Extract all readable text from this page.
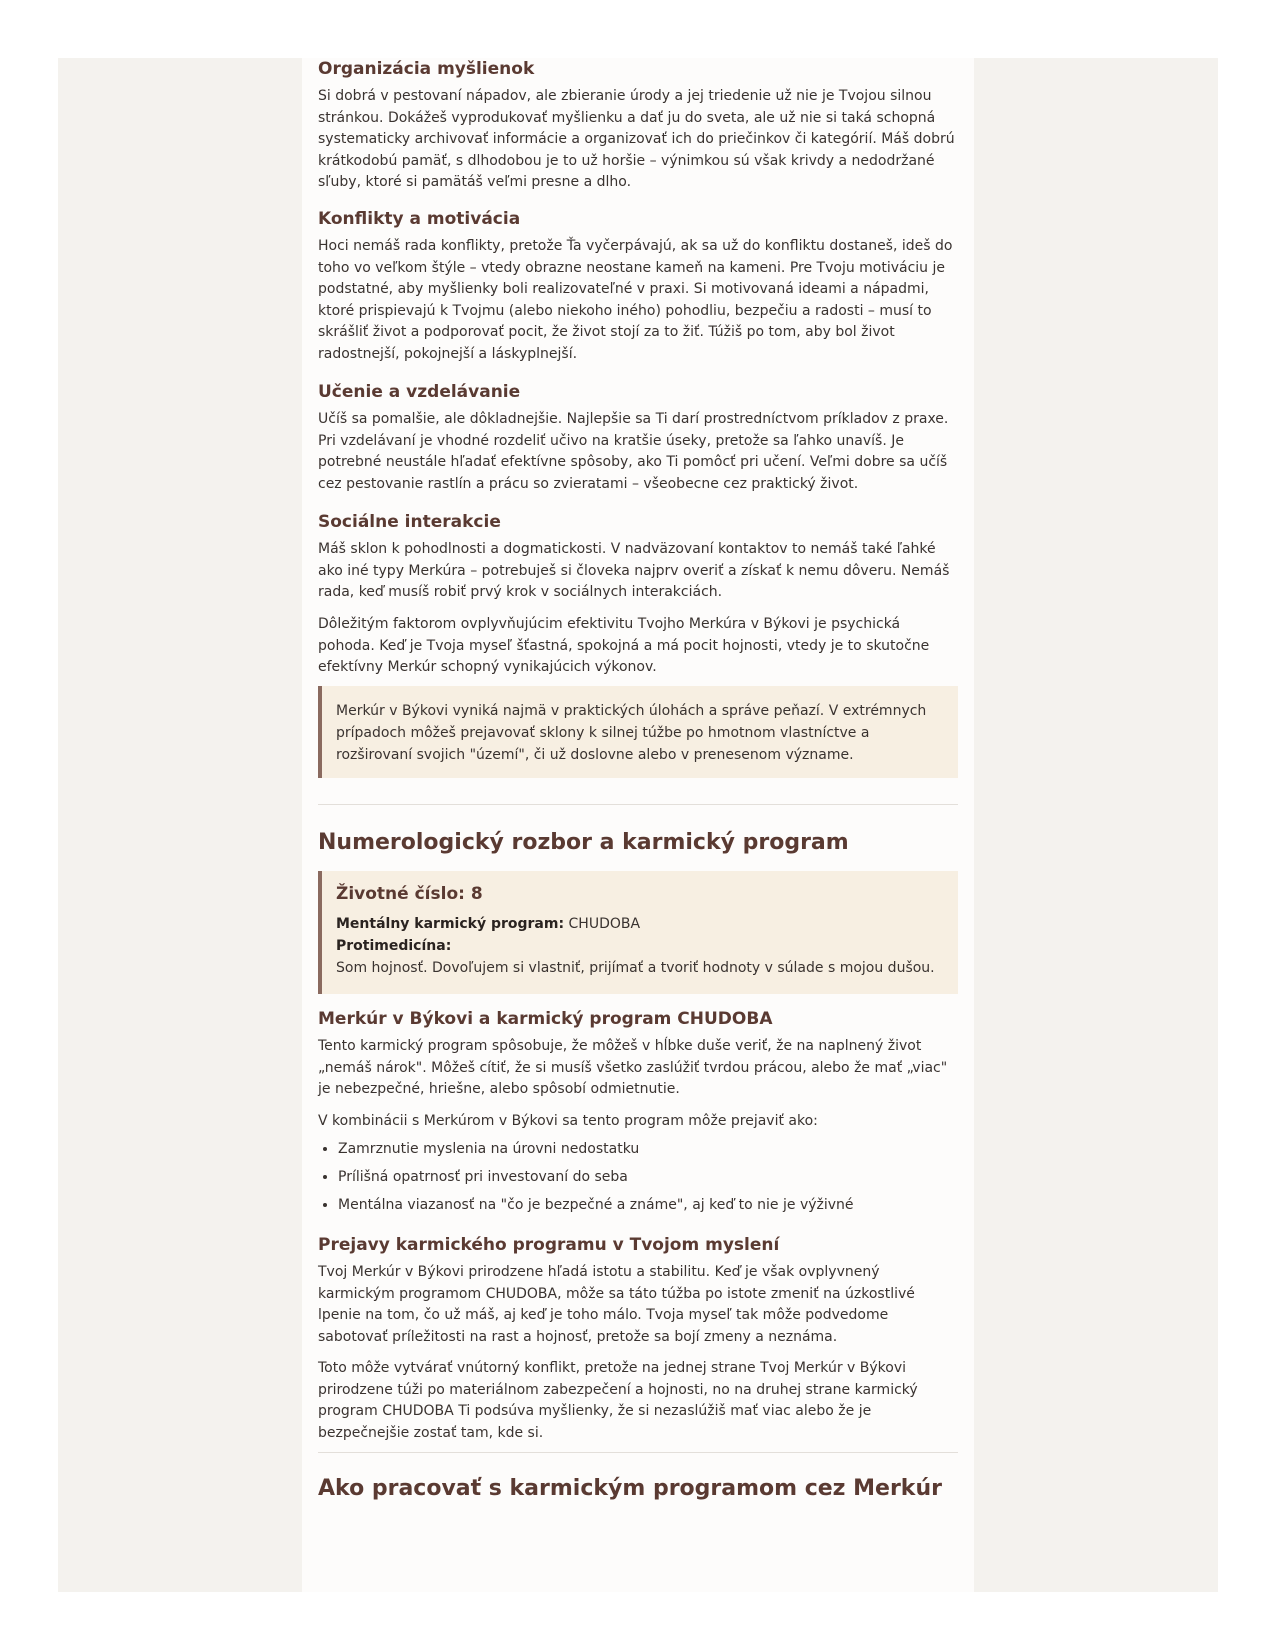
Organizácia myšlienok

Si dobrá v pestovaní nápadov, ale zbieranie úrody a jej triedenie už nie je Tvojou silnou stránkou. Dokážeš vyprodukovať myšlienku a dať ju do sveta, ale už nie si taká schopná systematicky archivovať informácie a organizovať ich do priečinkov či kategórií. Máš dobrú krátkodobú pamäť, s dlhodobou je to už horšie – výnimkou sú však krivdy a nedodržané sľuby, ktoré si pamätáš veľmi presne a dlho.

Konflikty a motivácia

Hoci nemáš rada konflikty, pretože Ťa vyčerpávajú, ak sa už do konfliktu dostaneš, ideš do toho vo veľkom štýle – vtedy obrazne neostane kameň na kameni. Pre Tvoju motiváciu je podstatné, aby myšlienky boli realizovateľné v praxi. Si motivovaná ideami a nápadmi, ktoré prispievajú k Tvojmu (alebo niekoho iného) pohodliu, bezpečiu a radosti – musí to skrášliť život a podporovať pocit, že život stojí za to žiť. Túžiš po tom, aby bol život radostnejší, pokojnejší a láskyplnejší.

Učenie a vzdelávanie

Učíš sa pomalšie, ale dôkladnejšie. Najlepšie sa Ti darí prostredníctvom príkladov z praxe. Pri vzdelávaní je vhodné rozdeliť učivo na kratšie úseky, pretože sa ľahko unavíš. Je potrebné neustále hľadať efektívne spôsoby, ako Ti pomôcť pri učení. Veľmi dobre sa učíš cez pestovanie rastlín a prácu so zvieratami – všeobecne cez praktický život.

Sociálne interakcie

Máš sklon k pohodlnosti a dogmatickosti. V nadväzovaní kontaktov to nemáš také ľahké ako iné typy Merkúra – potrebuješ si človeka najprv overiť a získať k nemu dôveru. Nemáš rada, keď musíš robiť prvý krok v sociálnych interakciách.

Dôležitým faktorom ovplyvňujúcim efektivitu Tvojho Merkúra v Býkovi je psychická pohoda. Keď je Tvoja myseľ šťastná, spokojná a má pocit hojnosti, vtedy je to skutočne efektívny Merkúr schopný vynikajúcich výkonov.

Merkúr v Býkovi vyniká najmä v praktických úlohách a správe peňazí. V extrémnych prípadoch môžeš prejavovať sklony k silnej túžbe po hmotnom vlastníctve a rozširovaní svojich "území", či už doslovne alebo v prenesenom význame.

Numerologický rozbor a karmický program
Životné číslo: 8

Mentálny karmický program: CHUDOBA

Protimedicína:

Som hojnosť. Dovoľujem si vlastniť, prijímať a tvoriť hodnoty v súlade s mojou dušou.

Merkúr v Býkovi a karmický program CHUDOBA

Tento karmický program spôsobuje, že môžeš v hĺbke duše veriť, že na naplnený život „nemáš nárok". Môžeš cítiť, že si musíš všetko zaslúžiť tvrdou prácou, alebo že mať „viac" je nebezpečné, hriešne, alebo spôsobí odmietnutie.

V kombinácii s Merkúrom v Býkovi sa tento program môže prejaviť ako:

• Zamrznutie myslenia na úrovni nedostatku
• Prílišná opatrnosť pri investovaní do seba
• Mentálna viazanosť na "čo je bezpečné a známe", aj keď to nie je výživné
Prejavy karmického programu v Tvojom myslení

Tvoj Merkúr v Býkovi prirodzene hľadá istotu a stabilitu. Keď je však ovplyvnený karmickým programom CHUDOBA, môže sa táto túžba po istote zmeniť na úzkostlivé lpenie na tom, čo už máš, aj keď je toho málo. Tvoja myseľ tak môže podvedome sabotovať príležitosti na rast a hojnosť, pretože sa bojí zmeny a neznáma.

Toto môže vytvárať vnútorný konflikt, pretože na jednej strane Tvoj Merkúr v Býkovi prirodzene túži po materiálnom zabezpečení a hojnosti, no na druhej strane karmický program CHUDOBA Ti podsúva myšlienky, že si nezaslúžiš mať viac alebo že je bezpečnejšie zostať tam, kde si.

Ako pracovať s karmickým programom cez Merkúr
